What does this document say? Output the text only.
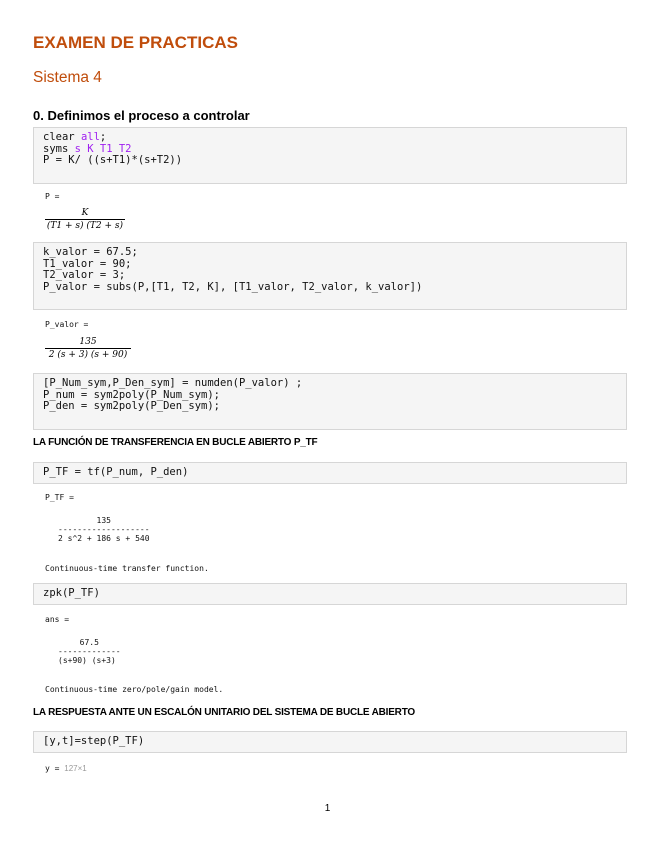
EXAMEN DE PRACTICAS
Sistema 4
0. Definimos el proceso a controlar
clear all;
syms s K T1 T2
P = K/ ((s+T1)*(s+T2))
P =
K
(T1 + s) (T2 + s)
k_valor = 67.5;
T1_valor = 90;
T2_valor = 3;
P_valor = subs(P,[T1, T2, K], [T1_valor, T2_valor, k_valor])
P_valor =
135
2 (s + 3) (s + 90)
[P_Num_sym,P_Den_sym] = numden(P_valor) ;
P_num = sym2poly(P_Num_sym);
P_den = sym2poly(P_Den_sym);
LA FUNCIÓN DE TRANSFERENCIA EN BUCLE ABIERTO P_TF
P_TF = tf(P_num, P_den)
P_TF =
135
-------------------
2 s^2 + 186 s + 540
Continuous-time transfer function.
zpk(P_TF)
ans =
67.5
-------------
(s+90) (s+3)
Continuous-time zero/pole/gain model.
LA RESPUESTA ANTE UN ESCALÓN UNITARIO DEL SISTEMA DE BUCLE ABIERTO
[y,t]=step(P_TF)
y = 127×1
1
